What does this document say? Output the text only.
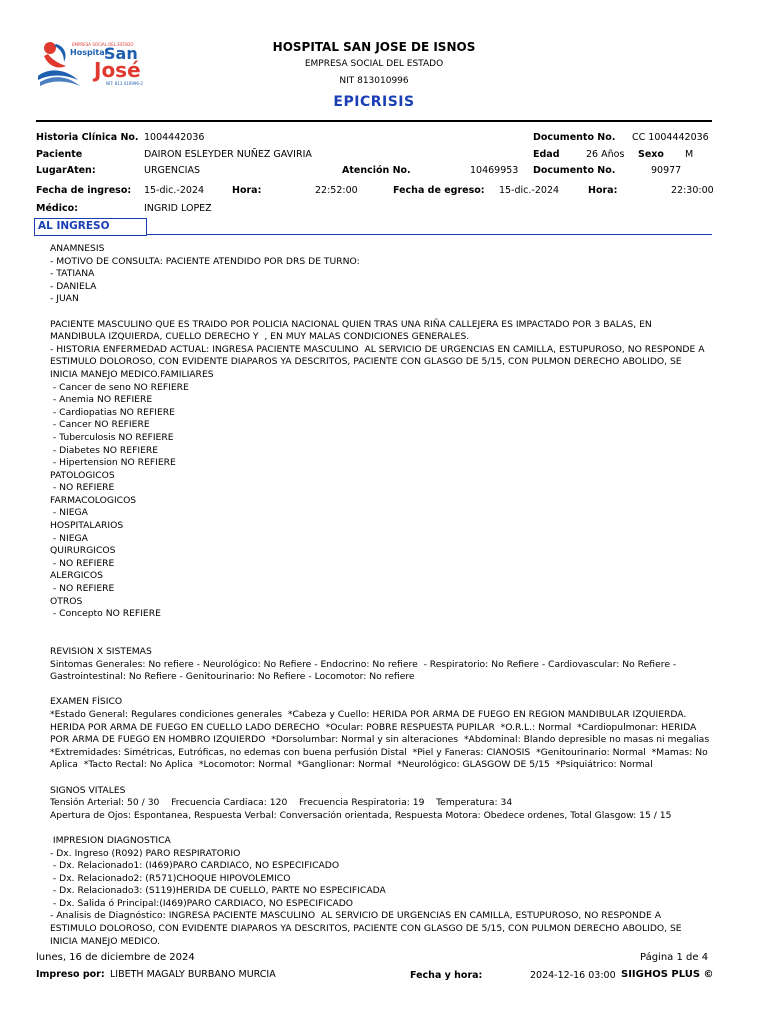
EMPRESA SOCIAL DEL ESTADO
Hospital
San
José
NIT: 813 010996-2
HOSPITAL SAN JOSE DE ISNOS
EMPRESA SOCIAL DEL ESTADO
NIT 813010996
EPICRISIS
Historia Clínica No. 1004442036	Documento No. CC 1004442036
Paciente	DAIRON ESLEYDER NUÑEZ GAVIRIA	Edad	26 Años Sexo M
LugarAten:	URGENCIAS	Atención No.	10469953 Documento No.	90977
Fecha de ingreso: 15-dic.-2024	Hora:	22:52:00	Fecha de egreso: 15-dic.-2024	Hora:	22:30:00
Médico:	INGRID LOPEZ
AL INGRESO
ANAMNESIS
- MOTIVO DE CONSULTA: PACIENTE ATENDIDO POR DRS DE TURNO:
- TATIANA
- DANIELA
- JUAN
PACIENTE MASCULINO QUE ES TRAIDO POR POLICIA NACIONAL QUIEN TRAS UNA RIÑA CALLEJERA ES IMPACTADO POR 3 BALAS, EN
MANDIBULA IZQUIERDA, CUELLO DERECHO Y  , EN MUY MALAS CONDICIONES GENERALES.
- HISTORIA ENFERMEDAD ACTUAL: INGRESA PACIENTE MASCULINO  AL SERVICIO DE URGENCIAS EN CAMILLA, ESTUPUROSO, NO RESPONDE A
ESTIMULO DOLOROSO, CON EVIDENTE DIAPAROS YA DESCRITOS, PACIENTE CON GLASGO DE 5/15, CON PULMON DERECHO ABOLIDO, SE
INICIA MANEJO MEDICO.FAMILIARES
- Cancer de seno NO REFIERE
- Anemia NO REFIERE
- Cardiopatias NO REFIERE
- Cancer NO REFIERE
- Tuberculosis NO REFIERE
- Diabetes NO REFIERE
- Hipertension NO REFIERE
PATOLOGICOS
- NO REFIERE
FARMACOLOGICOS
- NIEGA
HOSPITALARIOS
- NIEGA
QUIRURGICOS
- NO REFIERE
ALERGICOS
- NO REFIERE
OTROS
- Concepto NO REFIERE
REVISION X SISTEMAS
Sintomas Generales: No refiere - Neurológico: No Refiere - Endocrino: No refiere  - Respiratorio: No Refiere - Cardiovascular: No Refiere -
Gastrointestinal: No Refiere - Genitourinario: No Refiere - Locomotor: No refiere
EXAMEN FÍSICO
*Estado General: Regulares condiciones generales  *Cabeza y Cuello: HERIDA POR ARMA DE FUEGO EN REGION MANDIBULAR IZQUIERDA.
HERIDA POR ARMA DE FUEGO EN CUELLO LADO DERECHO  *Ocular: POBRE RESPUESTA PUPILAR  *O.R.L.: Normal  *Cardiopulmonar: HERIDA
POR ARMA DE FUEGO EN HOMBRO IZQUIERDO  *Dorsolumbar: Normal y sin alteraciones  *Abdominal: Blando depresible no masas ni megalias
*Extremidades: Simétricas, Eutróficas, no edemas con buena perfusión Distal  *Piel y Faneras: CIANOSIS  *Genitourinario: Normal  *Mamas: No
Aplica  *Tacto Rectal: No Aplica  *Locomotor: Normal  *Ganglionar: Normal  *Neurológico: GLASGOW DE 5/15  *Psiquiátrico: Normal
SIGNOS VITALES
Tensión Arterial: 50 / 30    Frecuencia Cardiaca: 120    Frecuencia Respiratoria: 19    Temperatura: 34
Apertura de Ojos: Espontanea, Respuesta Verbal: Conversación orientada, Respuesta Motora: Obedece ordenes, Total Glasgow: 15 / 15
IMPRESION DIAGNOSTICA
- Dx. Ingreso (R092) PARO RESPIRATORIO
- Dx. Relacionado1: (I469)PARO CARDIACO, NO ESPECIFICADO
- Dx. Relacionado2: (R571)CHOQUE HIPOVOLEMICO
- Dx. Relacionado3: (S119)HERIDA DE CUELLO, PARTE NO ESPECIFICADA
- Dx. Salida ó Principal:(I469)PARO CARDIACO, NO ESPECIFICADO
- Analisis de Diagnóstico: INGRESA PACIENTE MASCULINO  AL SERVICIO DE URGENCIAS EN CAMILLA, ESTUPUROSO, NO RESPONDE A
ESTIMULO DOLOROSO, CON EVIDENTE DIAPAROS YA DESCRITOS, PACIENTE CON GLASGO DE 5/15, CON PULMON DERECHO ABOLIDO, SE
INICIA MANEJO MEDICO.
lunes, 16 de diciembre de 2024	Página 1 de 4
Impreso por: LIBETH MAGALY BURBANO MURCIA	Fecha y hora:	2024-12-16 03:00 SIIGHOS PLUS ©
